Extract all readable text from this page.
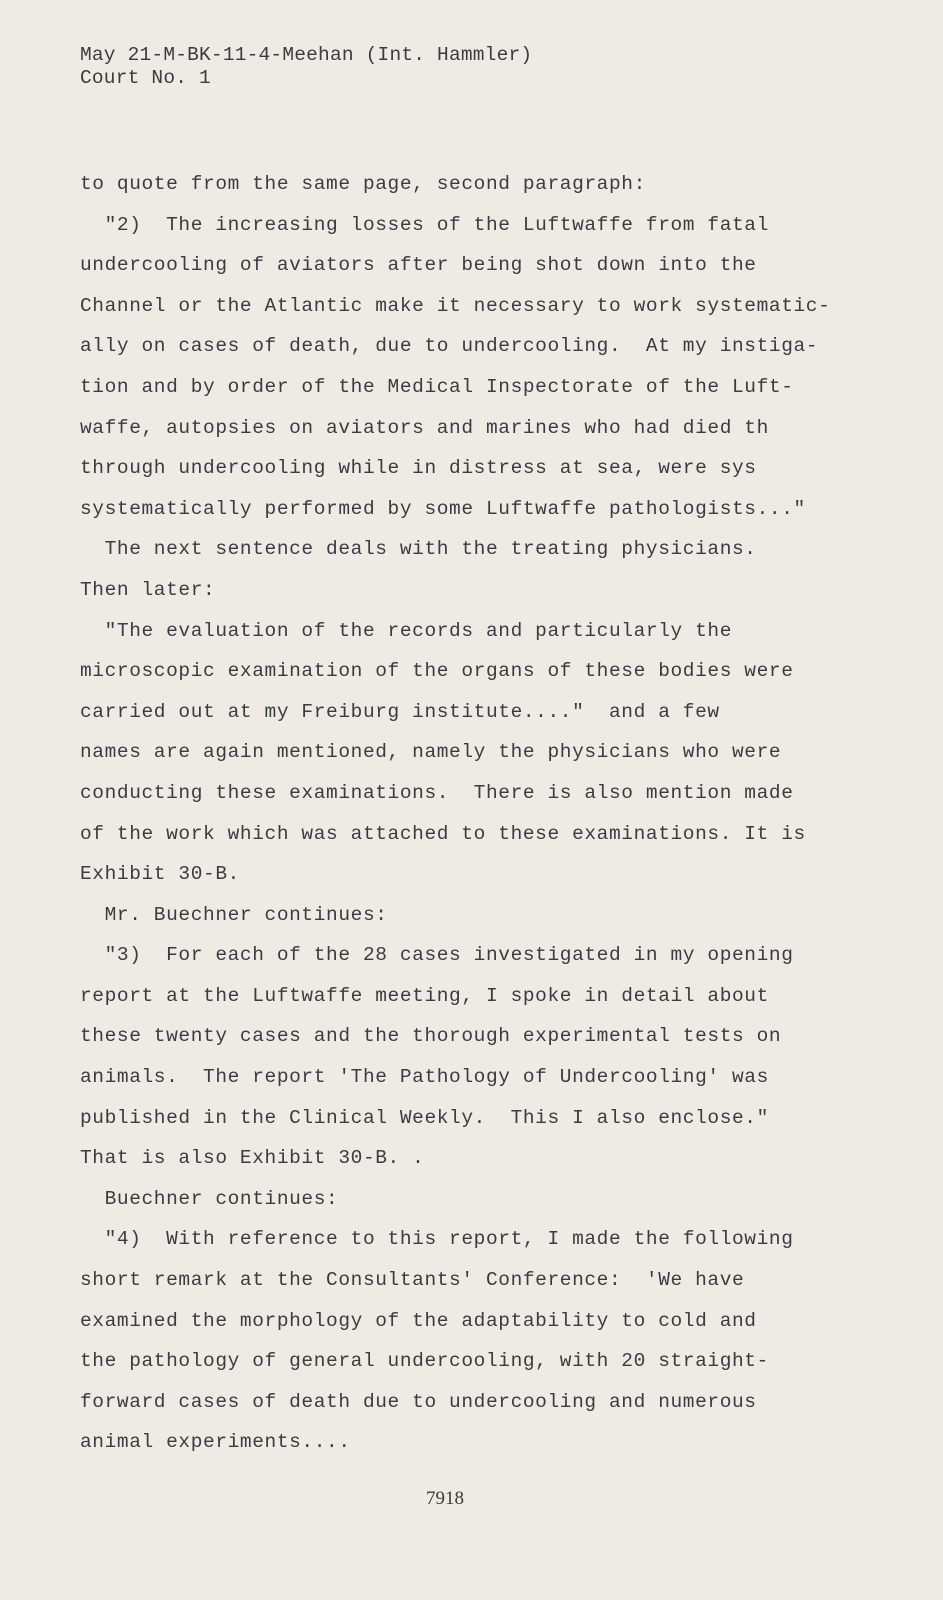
May 21-M-BK-11-4-Meehan (Int. Hammler)
Court No. 1
to quote from the same page, second paragraph:
"2)  The increasing losses of the Luftwaffe from fatal
undercooling of aviators after being shot down into the
Channel or the Atlantic make it necessary to work systematic-
ally on cases of death, due to undercooling.  At my instiga-
tion and by order of the Medical Inspectorate of the Luft-
waffe, autopsies on aviators and marines who had died th
through undercooling while in distress at sea, were sys
systematically performed by some Luftwaffe pathologists..."
The next sentence deals with the treating physicians.
Then later:
"The evaluation of the records and particularly the
microscopic examination of the organs of these bodies were
carried out at my Freiburg institute...."  and a few
names are again mentioned, namely the physicians who were
conducting these examinations.  There is also mention made
of the work which was attached to these examinations. It is
Exhibit 30-B.
Mr. Buechner continues:
"3)  For each of the 28 cases investigated in my opening
report at the Luftwaffe meeting, I spoke in detail about
these twenty cases and the thorough experimental tests on
animals.  The report 'The Pathology of Undercooling' was
published in the Clinical Weekly.  This I also enclose."
That is also Exhibit 30-B. .
Buechner continues:
"4)  With reference to this report, I made the following
short remark at the Consultants' Conference:  'We have
examined the morphology of the adaptability to cold and
the pathology of general undercooling, with 20 straight-
forward cases of death due to undercooling and numerous
animal experiments....
7918
